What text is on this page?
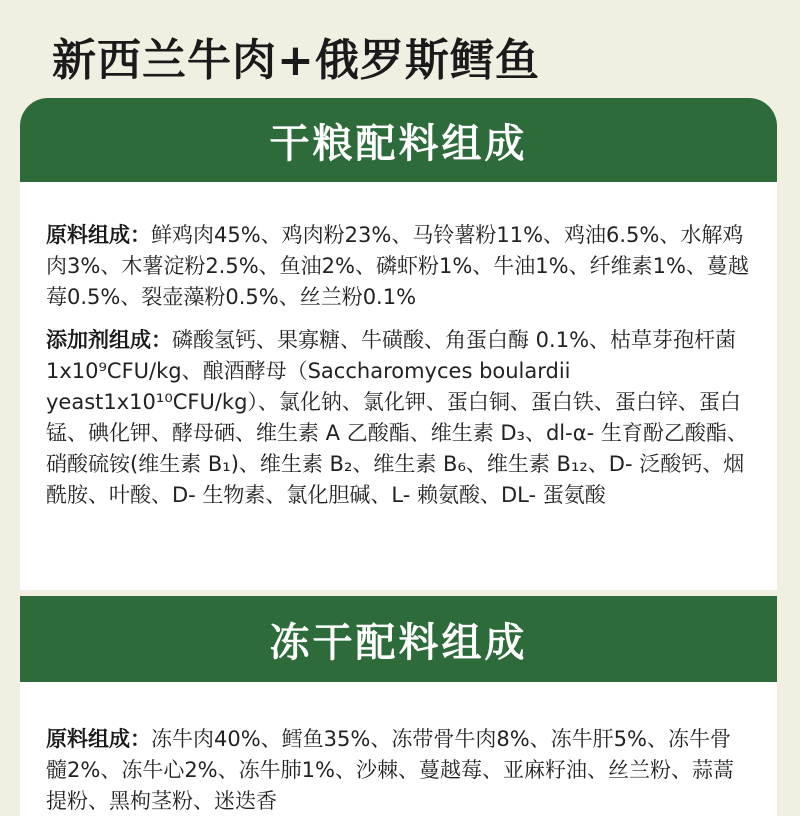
新西兰牛肉+俄罗斯鳕鱼
干粮配料组成
原料组成：鲜鸡肉45%、鸡肉粉23%、马铃薯粉11%、鸡油6.5%、水解鸡肉3%、木薯淀粉2.5%、鱼油2%、磷虾粉1%、牛油1%、纤维素1%、蔓越莓0.5%、裂壶藻粉0.5%、丝兰粉0.1%
添加剂组成：磷酸氢钙、果寡糖、牛磺酸、角蛋白酶 0.1%、枯草芽孢杆菌 1x10⁹CFU/kg、酿酒酵母（Saccharomyces boulardii yeast1x10¹⁰CFU/kg）、氯化钠、氯化钾、蛋白铜、蛋白铁、蛋白锌、蛋白锰、碘化钾、酵母硒、维生素 A 乙酸酯、维生素 D₃、dl-α- 生育酚乙酸酯、硝酸硫铵(维生素 B₁)、维生素 B₂、维生素 B₆、维生素 B₁₂、D- 泛酸钙、烟酰胺、叶酸、D- 生物素、氯化胆碱、L- 赖氨酸、DL- 蛋氨酸
冻干配料组成
原料组成：冻牛肉40%、鳕鱼35%、冻带骨牛肉8%、冻牛肝5%、冻牛骨髓2%、冻牛心2%、冻牛肺1%、沙棘、蔓越莓、亚麻籽油、丝兰粉、蒜蒿提粉、黑枸茎粉、迷迭香
